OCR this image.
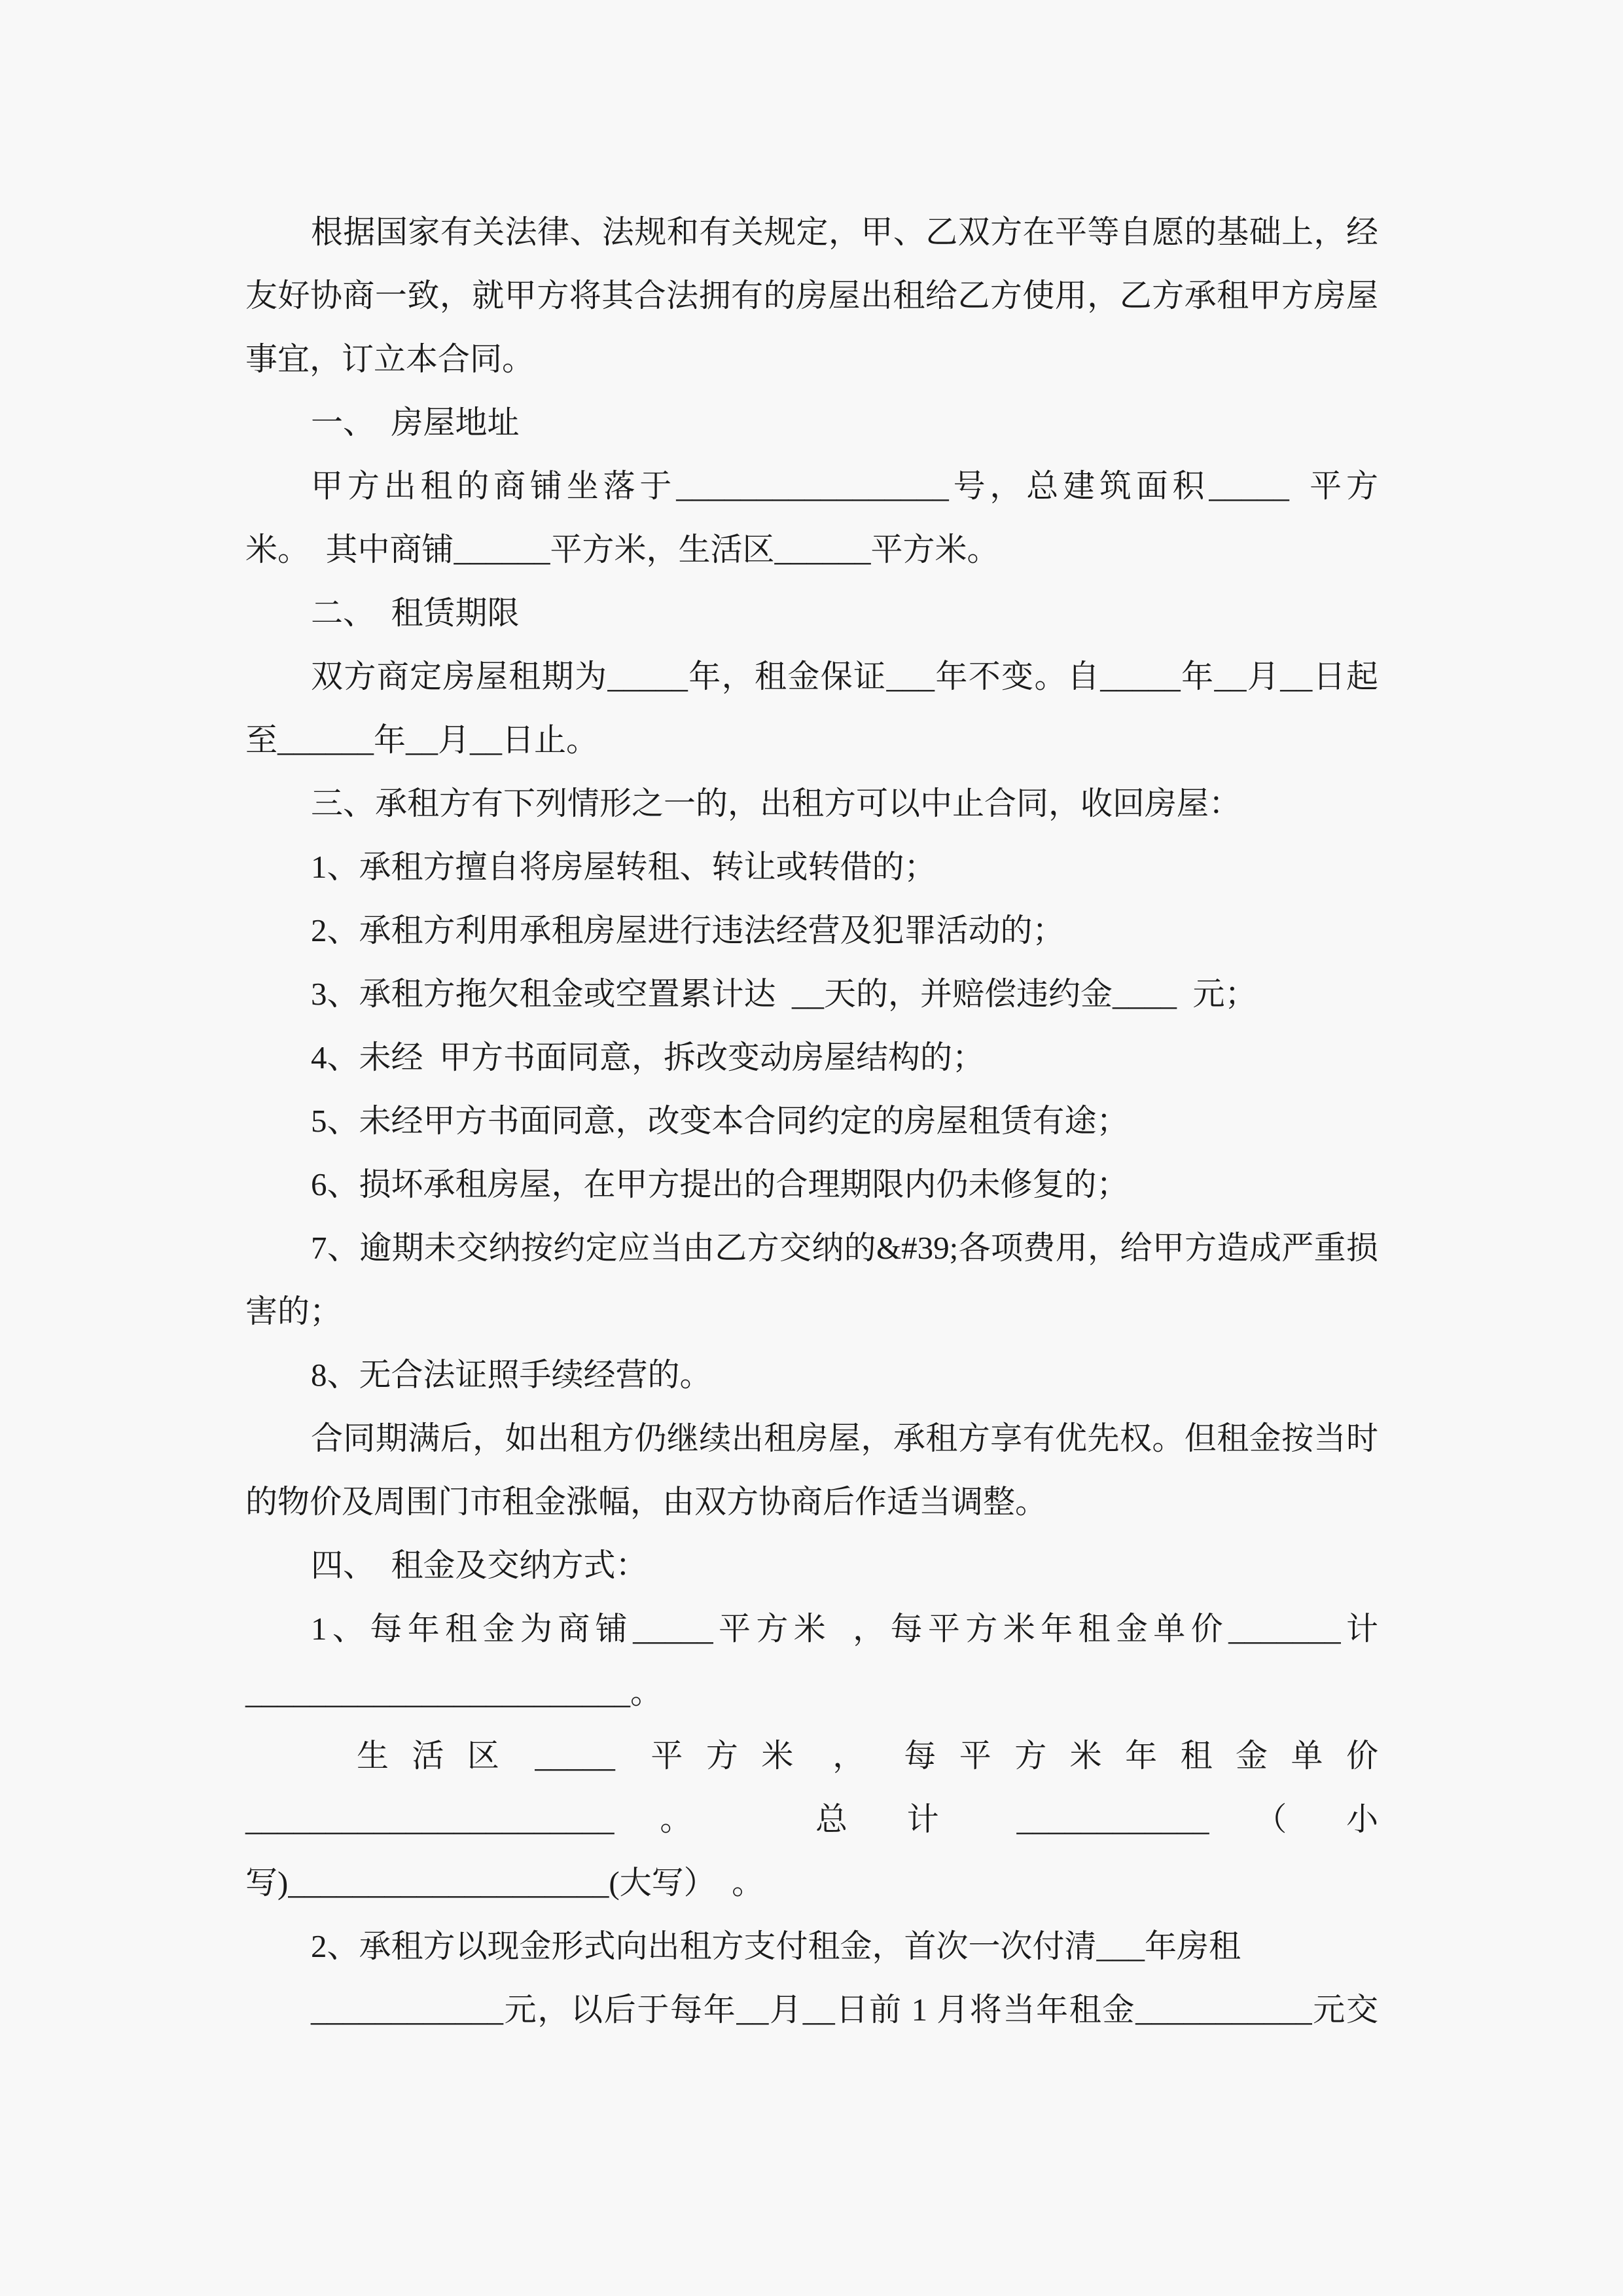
根据国家有关法律、法规和有关规定，甲、乙双方在平等自愿的基础上，经
友好协商一致，就甲方将其合法拥有的房屋出租给乙方使用，乙方承租甲方房屋
事宜，订立本合同。
一、 房屋地址
甲方出租的商铺坐落于_________________号，总建筑面积_____ 平方
米。 其中商铺______平方米，生活区______平方米。
二、 租赁期限
双方商定房屋租期为_____年，租金保证___年不变。自_____年__月__日起
至______年__月__日止。
三、承租方有下列情形之一的，出租方可以中止合同，收回房屋：
1、承租方擅自将房屋转租、转让或转借的；
2、承租方利用承租房屋进行违法经营及犯罪活动的；
3、承租方拖欠租金或空置累计达 __天的，并赔偿违约金____ 元；
4、未经 甲方书面同意，拆改变动房屋结构的；
5、未经甲方书面同意，改变本合同约定的房屋租赁有途；
6、损坏承租房屋，在甲方提出的合理期限内仍未修复的；
7、逾期未交纳按约定应当由乙方交纳的&#39;各项费用，给甲方造成严重损
害的；
8、无合法证照手续经营的。
合同期满后，如出租方仍继续出租房屋，承租方享有优先权。但租金按当时
的物价及周围门市租金涨幅，由双方协商后作适当调整。
四、 租金及交纳方式：
1、每年租金为商铺_____平方米 ，每平方米年租金单价_______计
________________________。
生 活 区  _____  平 方 米  ，  每 平 方 米 年 租 金 单 价
_______________________  。      总  计    ____________  （  小
写)____________________(大写） 。
2、承租方以现金形式向出租方支付租金，首次一次付清___年房租
____________元，以后于每年__月__日前 1 月将当年租金___________元交
